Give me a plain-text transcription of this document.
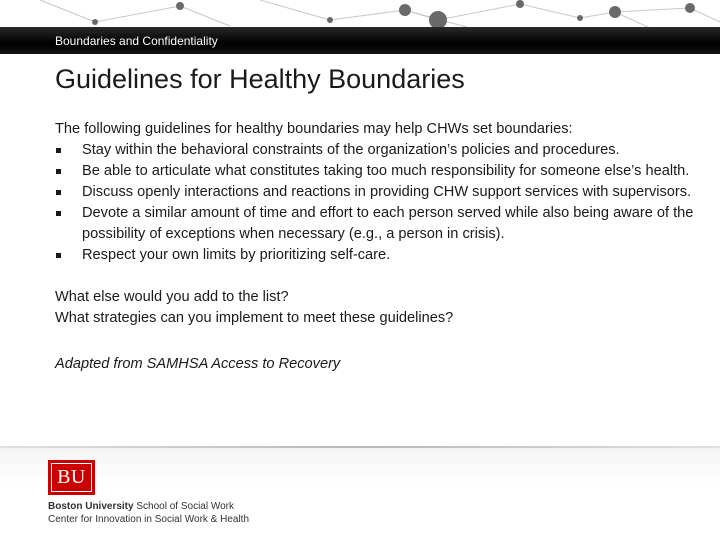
Boundaries and Confidentiality
Guidelines for Healthy Boundaries

The following guidelines for healthy boundaries may help CHWs set boundaries:

Stay within the behavioral constraints of the organization’s policies and procedures.
Be able to articulate what constitutes taking too much responsibility for someone else’s health.
Discuss openly interactions and reactions in providing CHW support services with supervisors.
Devote a similar amount of time and effort to each person served while also being aware of the possibility of exceptions when necessary (e.g., a person in crisis).
Respect your own limits by prioritizing self-care.

What else would you add to the list?

What strategies can you implement to meet these guidelines?

Adapted from SAMHSA Access to Recovery

BU
Boston University School of Social Work
Center for Innovation in Social Work & Health
